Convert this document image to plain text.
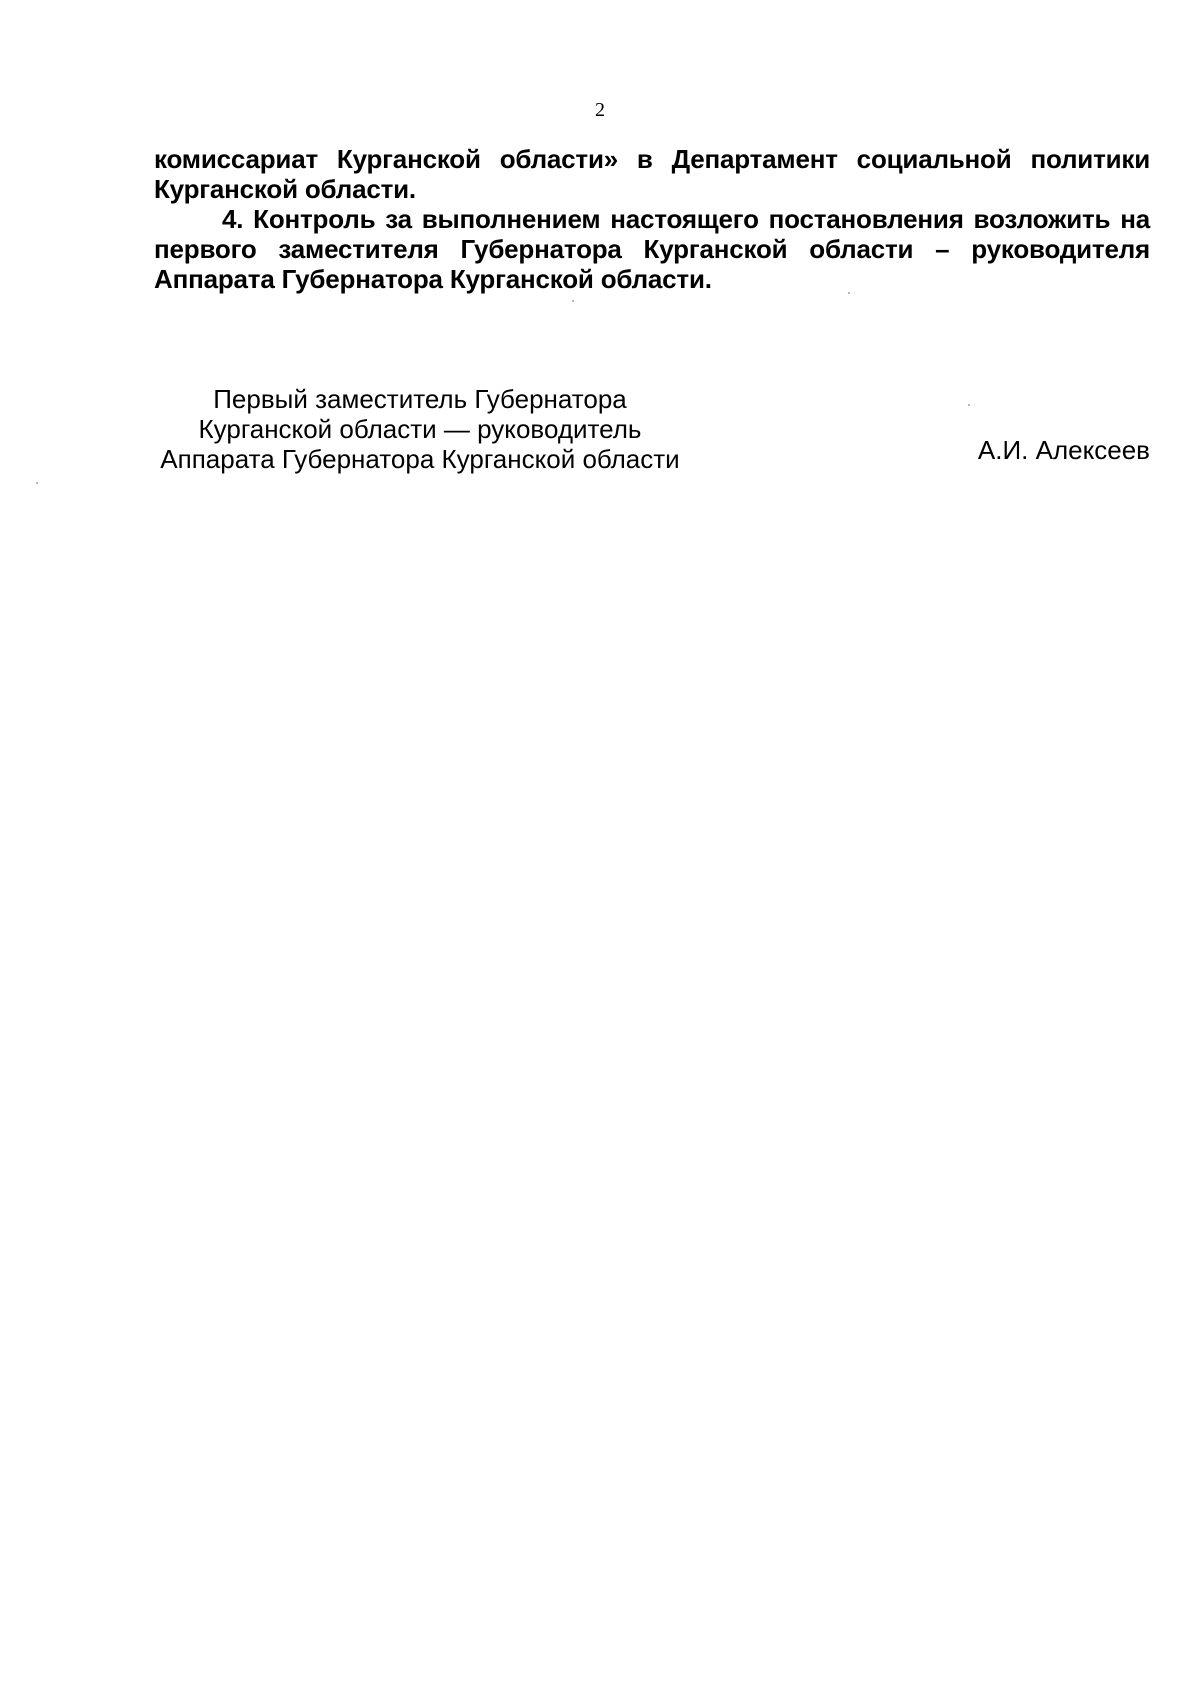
2

комиссариат Курганской области» в Департамент социальной политики Курганской области.

4. Контроль за выполнением настоящего постановления возложить на первого заместителя Губернатора Курганской области – руководителя Аппарата Губернатора Курганской области.

Первый заместитель Губернатора
Курганской области — руководитель
Аппарата Губернатора Курганской области	А.И. Алексеев
